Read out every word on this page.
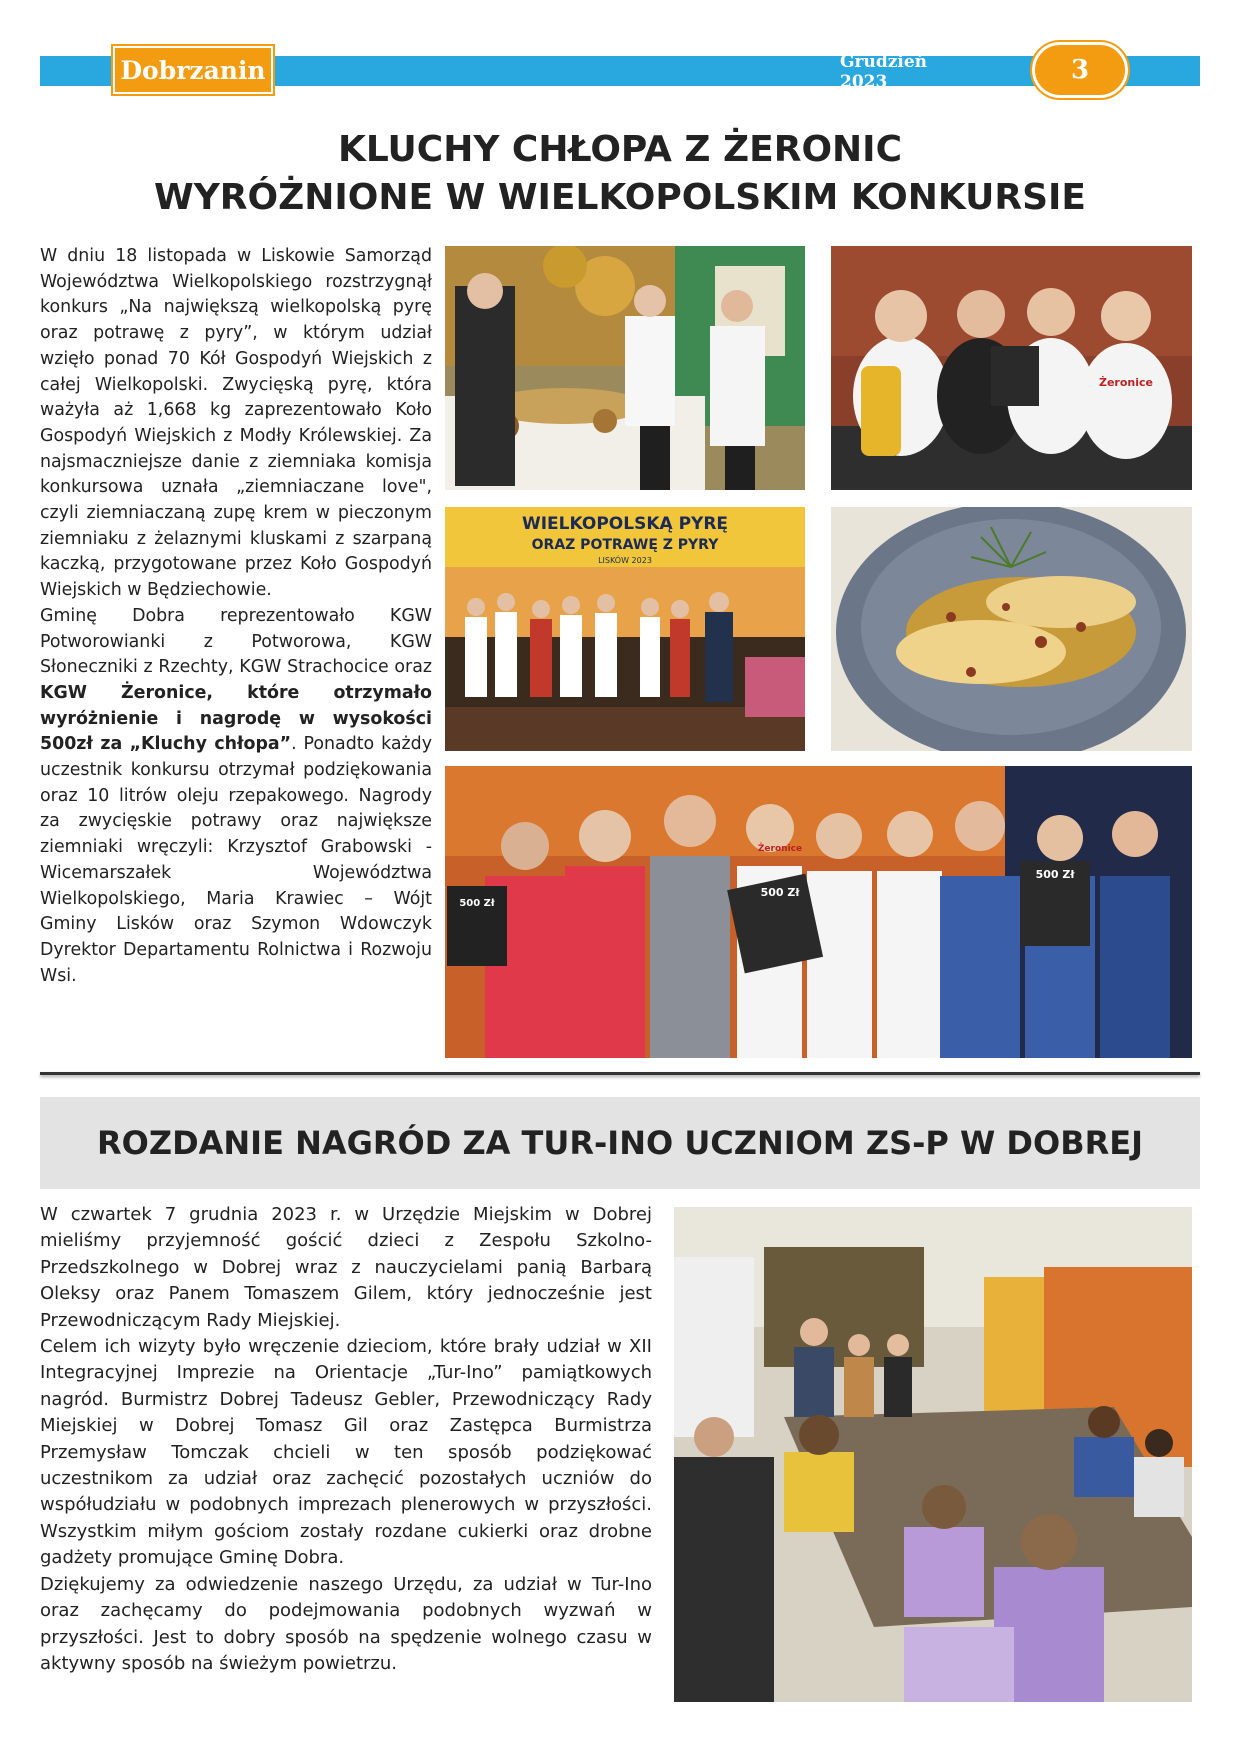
Dobrzanin	Grudzień 2023	3
KLUCHY CHŁOPA Z ŻERONIC
WYRÓŻNIONE W WIELKOPOLSKIM KONKURSIE

W dniu 18 listopada w Liskowie Samorząd Województwa Wielkopolskiego rozstrzygnął konkurs „Na największą wielkopolską pyrę oraz potrawę z pyry”, w którym udział wzięło ponad 70 Kół Gospodyń Wiejskich z całej Wielkopolski. Zwycięską pyrę, która ważyła aż 1,668 kg zaprezentowało Koło Gospodyń Wiejskich z Modły Królewskiej. Za najsmaczniejsze danie z ziemniaka komisja konkursowa uznała „ziemniaczane love", czyli ziemniaczaną zupę krem w pieczonym ziemniaku z żelaznymi kluskami z szarpaną kaczką, przygotowane przez Koło Gospodyń Wiejskich w Będziechowie.

Gminę Dobra reprezentowało KGW Potworowianki z Potworowa, KGW Słoneczniki z Rzechty, KGW Strachocice oraz KGW Żeronice, które otrzymało wyróżnienie i nagrodę w wysokości 500zł za „Kluchy chłopa”. Ponadto każdy uczestnik konkursu otrzymał podziękowania oraz 10 litrów oleju rzepakowego. Nagrody za zwycięskie potrawy oraz największe ziemniaki wręczyli: Krzysztof Grabowski - Wicemarszałek Województwa Wielkopolskiego, Maria Krawiec – Wójt Gminy Lisków oraz Szymon Wdowczyk Dyrektor Departamentu Rolnictwa i Rozwoju Wsi.

Żeronice
WIELKOPOLSKĄ PYRĘ
ORAZ POTRAWĘ Z PYRY
LISKÓW 2023
500 Zł
500 Zł
500 Zł
Żeronice
ROZDANIE NAGRÓD ZA TUR-INO UCZNIOM ZS-P W DOBREJ

W czwartek 7 grudnia 2023 r. w Urzędzie Miejskim w Dobrej mieliśmy przyjemność gościć dzieci z Zespołu Szkolno-Przedszkolnego w Dobrej wraz z nauczycielami panią Barbarą Oleksy oraz Panem Tomaszem Gilem, który jednocześnie jest Przewodniczącym Rady Miejskiej.

Celem ich wizyty było wręczenie dzieciom, które brały udział w XII Integracyjnej Imprezie na Orientacje „Tur-Ino” pamiątkowych nagród. Burmistrz Dobrej Tadeusz Gebler, Przewodniczący Rady Miejskiej w Dobrej Tomasz Gil oraz Zastępca Burmistrza Przemysław Tomczak chcieli w ten sposób podziękować uczestnikom za udział oraz zachęcić pozostałych uczniów do współudziału w podobnych imprezach plenerowych w przyszłości. Wszystkim miłym gościom zostały rozdane cukierki oraz drobne gadżety promujące Gminę Dobra.

Dziękujemy za odwiedzenie naszego Urzędu, za udział w Tur-Ino oraz zachęcamy do podejmowania podobnych wyzwań w przyszłości. Jest to dobry sposób na spędzenie wolnego czasu w aktywny sposób na świeżym powietrzu.
